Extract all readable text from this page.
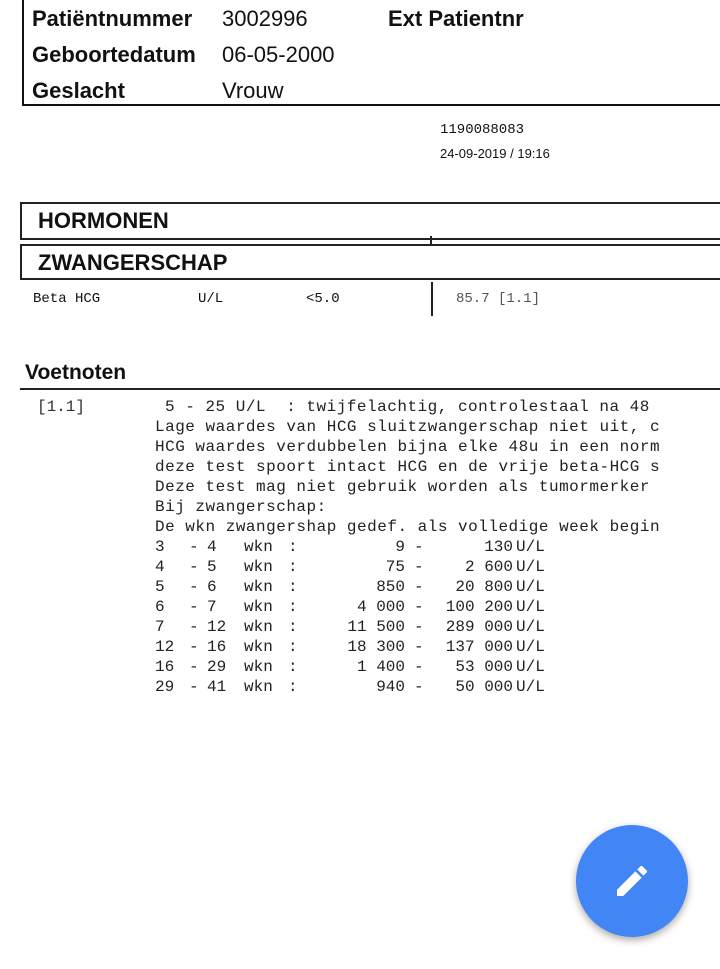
Patiëntnummer 3002996	Ext Patientnr
Geboortedatum 06-05-2000
Geslacht	Vrouw
1190088083
24-09-2019 / 19:16
HORMONEN
ZWANGERSCHAP
Beta HCG	U/L	<5.0	85.7 [1.1]
Voetnoten
[1.1]	5 - 25 U/L  : twijfelachtig, controlestaal na 48
Lage waardes van HCG sluitzwangerschap niet uit, c
HCG waardes verdubbelen bijna elke 48u in een norm
deze test spoort intact HCG en de vrije beta-HCG s
Deze test mag niet gebruik worden als tumormerker
Bij zwangerschap:
De wkn zwangershap gedef. als volledige week begin
3 - 4 wkn :	9 -	130 U/L
4 - 5 wkn :	75 -	2 600 U/L
5 - 6 wkn :	850 -	20 800 U/L
6 - 7 wkn :	4 000 -	100 200 U/L
7 - 12 wkn :	11 500 -	289 000 U/L
12 - 16 wkn :	18 300 -	137 000 U/L
16 - 29 wkn :	1 400 -	53 000 U/L
29 - 41 wkn :	940 -	50 000 U/L
